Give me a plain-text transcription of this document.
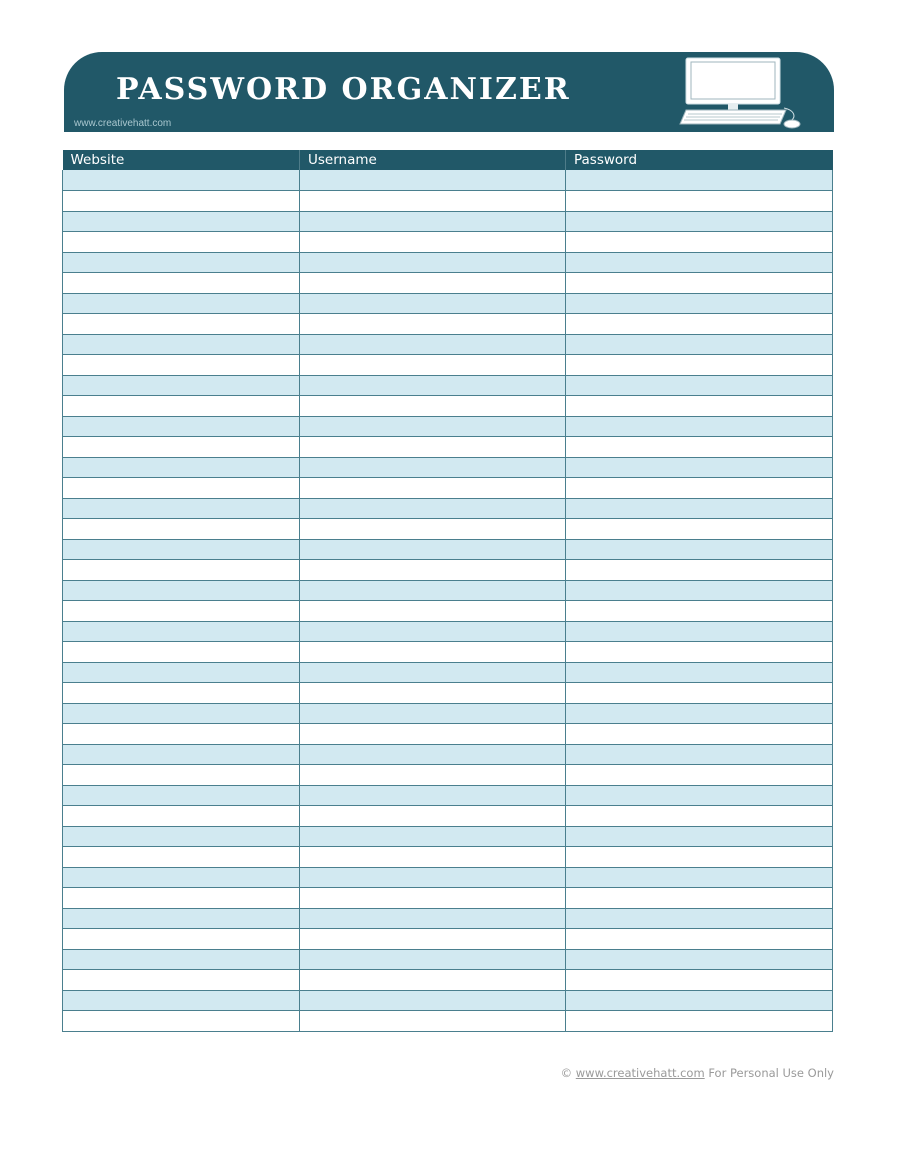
PASSWORD ORGANIZER
www.creativehatt.com
Website	Username	Password

© www.creativehatt.com For Personal Use Only
